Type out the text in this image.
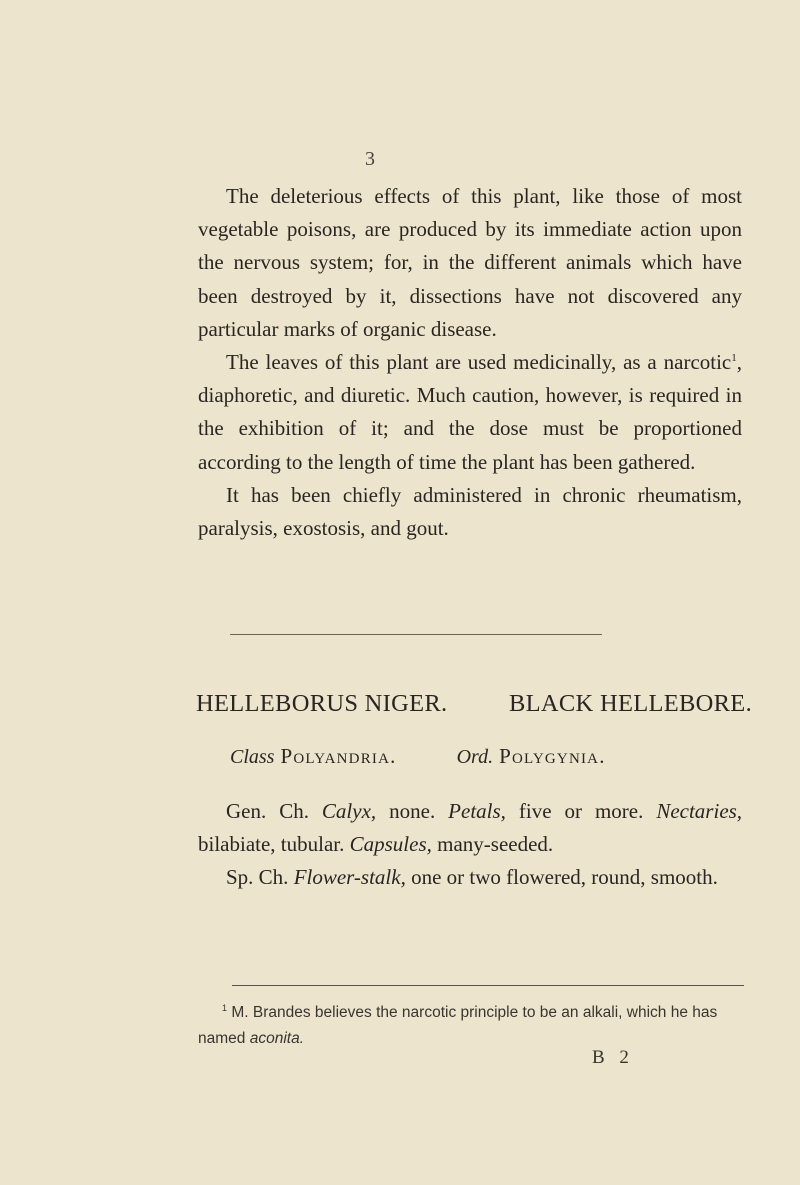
3

The deleterious effects of this plant, like those of most vegetable poisons, are produced by its immediate action upon the nervous system; for, in the different animals which have been destroyed by it, dissections have not discovered any particular marks of organic disease.

The leaves of this plant are used medicinally, as a narcotic$^1$, diaphoretic, and diuretic. Much caution, however, is required in the exhibition of it; and the dose must be proportioned according to the length of time the plant has been gathered.

It has been chiefly administered in chronic rheumatism, paralysis, exostosis, and gout.

HELLEBORUS NIGER.	BLACK HELLEBORE.
Class Polyandria.	Ord. Polygynia.

Gen. Ch. Calyx, none. Petals, five or more. Nectaries, bilabiate, tubular. Capsules, many-seeded.

Sp. Ch. Flower-stalk, one or two flowered, round, smooth.

$^1$ M. Brandes believes the narcotic principle to be an alkali, which he has named aconita.

B 2
